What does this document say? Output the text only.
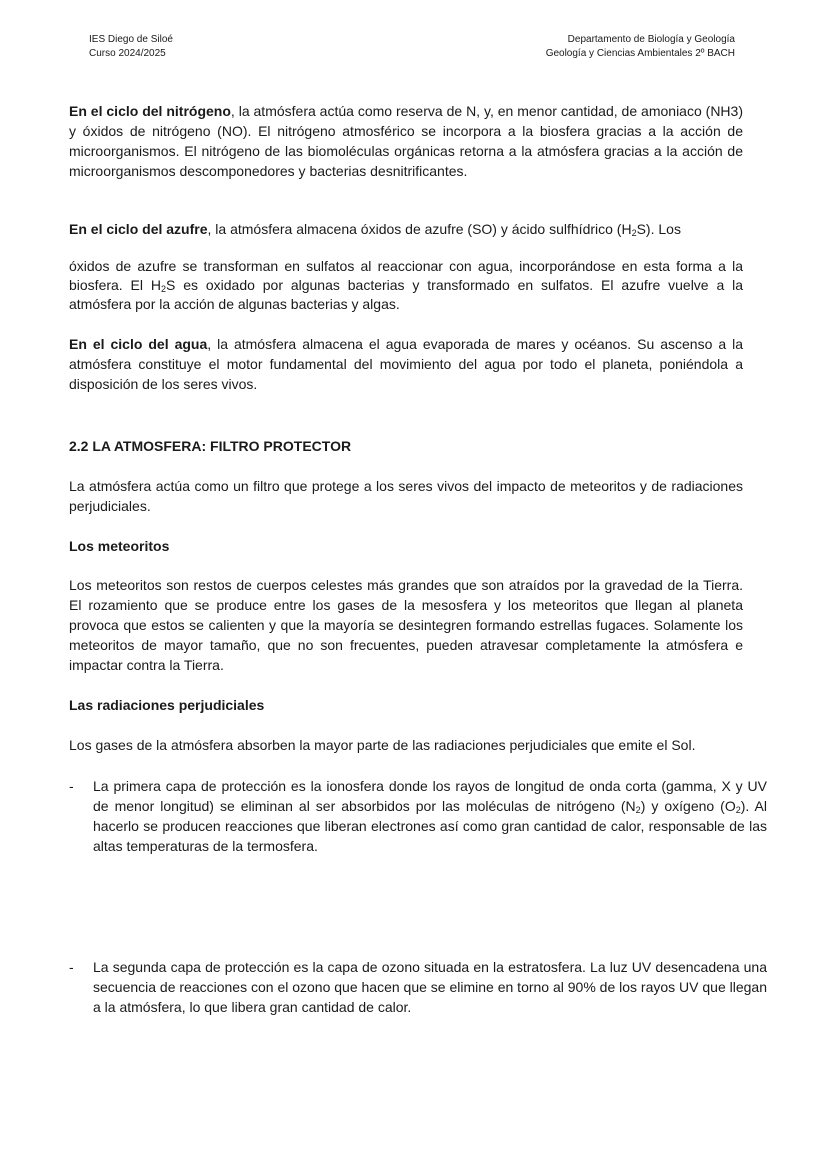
IES Diego de Siloé
Curso 2024/2025
Departamento de Biología y Geología
Geología y Ciencias Ambientales 2º BACH

En el ciclo del nitrógeno, la atmósfera actúa como reserva de N, y, en menor cantidad, de amoniaco (NH3) y óxidos de nitrógeno (NO). El nitrógeno atmosférico se incorpora a la biosfera gracias a la acción de microorganismos. El nitrógeno de las biomoléculas orgánicas retorna a la atmósfera gracias a la acción de microorganismos descomponedores y bacterias desnitrificantes.

En el ciclo del azufre, la atmósfera almacena óxidos de azufre (SO) y ácido sulfhídrico $(H_2S)$. Los

óxidos de azufre se transforman en sulfatos al reaccionar con agua, incorporándose en esta forma a la biosfera. El $H_2S$ es oxidado por algunas bacterias y transformado en sulfatos. El azufre vuelve a la atmósfera por la acción de algunas bacterias y algas.

En el ciclo del agua, la atmósfera almacena el agua evaporada de mares y océanos. Su ascenso a la atmósfera constituye el motor fundamental del movimiento del agua por todo el planeta, poniéndola a disposición de los seres vivos.

2.2 LA ATMOSFERA: FILTRO PROTECTOR

La atmósfera actúa como un filtro que protege a los seres vivos del impacto de meteoritos y de radiaciones perjudiciales.

Los meteoritos

Los meteoritos son restos de cuerpos celestes más grandes que son atraídos por la gravedad de la Tierra. El rozamiento que se produce entre los gases de la mesosfera y los meteoritos que llegan al planeta provoca que estos se calienten y que la mayoría se desintegren formando estrellas fugaces. Solamente los meteoritos de mayor tamaño, que no son frecuentes, pueden atravesar completamente la atmósfera e impactar contra la Tierra.

Las radiaciones perjudiciales

Los gases de la atmósfera absorben la mayor parte de las radiaciones perjudiciales que emite el Sol.

- La primera capa de protección es la ionosfera donde los rayos de longitud de onda corta (gamma, X y UV de menor longitud) se eliminan al ser absorbidos por las moléculas de nitrógeno $(N_2)$ y oxígeno $(O_2)$. Al hacerlo se producen reacciones que liberan electrones así como gran cantidad de calor, responsable de las altas temperaturas de la termosfera.
- La segunda capa de protección es la capa de ozono situada en la estratosfera. La luz UV desencadena una secuencia de reacciones con el ozono que hacen que se elimine en torno al 90% de los rayos UV que llegan a la atmósfera, lo que libera gran cantidad de calor.
